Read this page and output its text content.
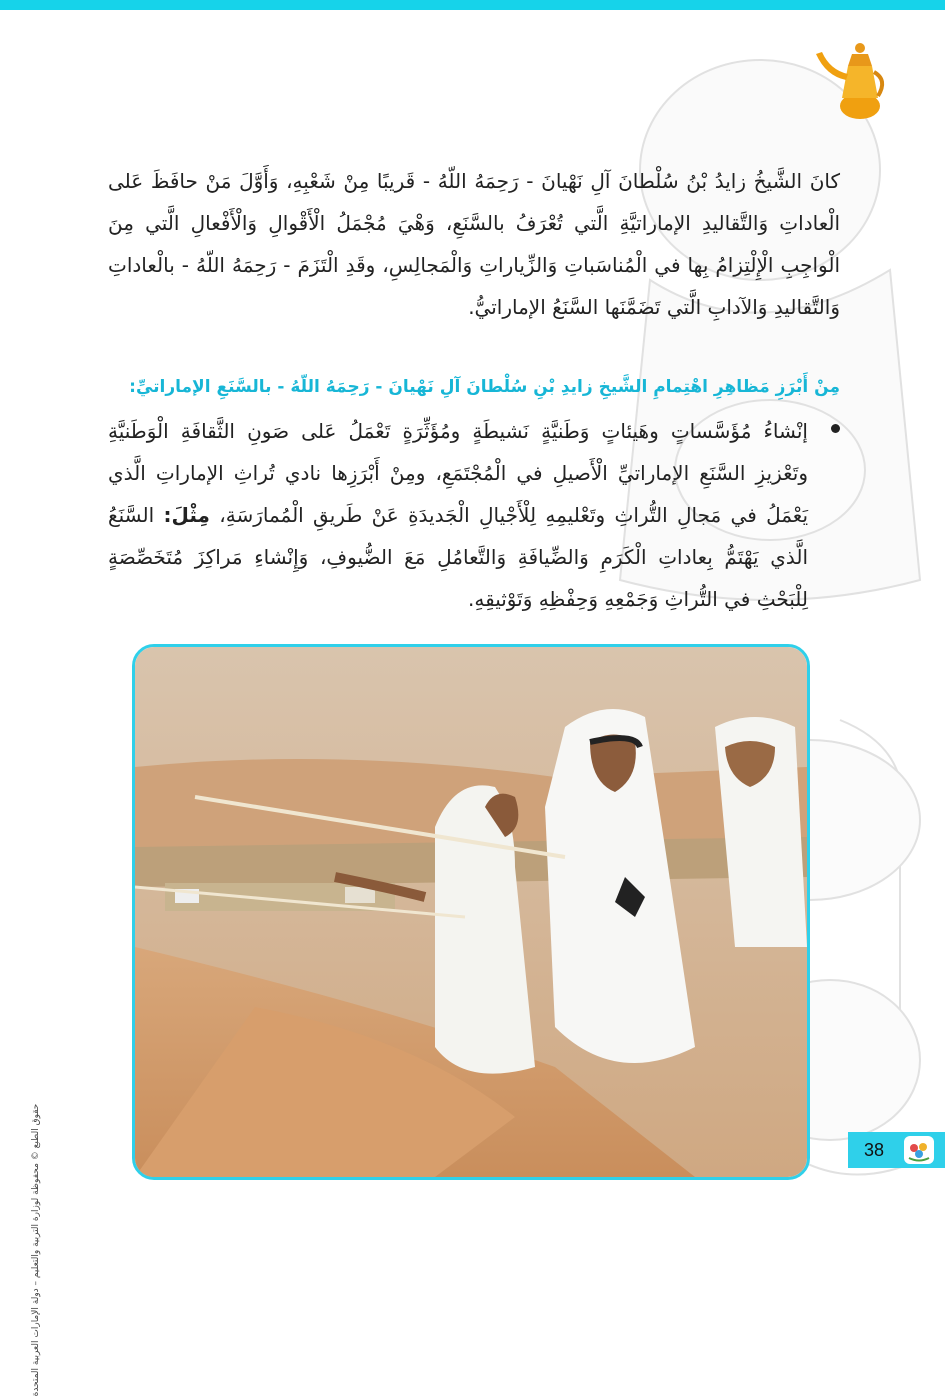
كانَ الشَّيخُ زايدُ بْنُ سُلْطانَ آلِ نَهْيانَ - رَحِمَهُ اللّهُ - قَريبًا مِنْ شَعْبِهِ، وَأَوَّلَ مَنْ حافَظَ عَلى الْعاداتِ وَالتَّقاليدِ الإماراتيَّةِ الَّتي تُعْرَفُ بالسَّنَعِ، وَهْيَ مُجْمَلُ الْأَقْوالِ وَالْأَفْعالِ الَّتي مِنَ الْواجِبِ الْإِلْتِزامُ بِها في الْمُناسَباتِ وَالزِّياراتِ وَالْمَجالِسِ، وقَدِ الْتَزَمَ - رَحِمَهُ اللّهُ - بالْعاداتِ وَالتَّقاليدِ وَالآدابِ الَّتي تَضَمَّنَها السَّنَعُ الإماراتيُّ.
مِنْ أَبْرَزِ مَظاهِرِ اهْتِمامِ الشَّيخِ زايدِ بْنِ سُلْطانَ آلِ نَهْيانَ - رَحِمَهُ اللّهُ - بالسَّنَعِ الإماراتيِّ:
إنْشاءُ مُؤَسَّساتٍ وهَيئاتٍ وَطَنيَّةٍ نَشيطَةٍ ومُؤَثِّرَةٍ تَعْمَلُ عَلى صَونِ الثَّقافَةِ الْوَطَنيَّةِ وتَعْزيزِ السَّنَعِ الإماراتيِّ الْأَصيلِ في الْمُجْتَمَعِ، ومِنْ أَبْرَزِها نادي تُراثِ الإماراتِ الَّذي يَعْمَلُ في مَجالِ التُّراثِ وتَعْليمِهِ لِلْأَجْيالِ الْجَديدَةِ عَنْ طَريقِ الْمُمارَسَةِ، مِثْلَ: السَّنَعُ الَّذي يَهْتَمُّ بِعاداتِ الْكَرَمِ وَالضِّيافَةِ وَالتَّعامُلِ مَعَ الضُّيوفِ، وَإِنْشاءِ مَراكِزَ مُتَخَصِّصَةٍ لِلْبَحْثِ في التُّراثِ وَجَمْعِهِ وَحِفْظِهِ وَتَوْثيقِهِ.
حقوق الطبع © محفوظة لوزارة التربية والتعليم – دولة الإمارات العربية المتحدة	38
